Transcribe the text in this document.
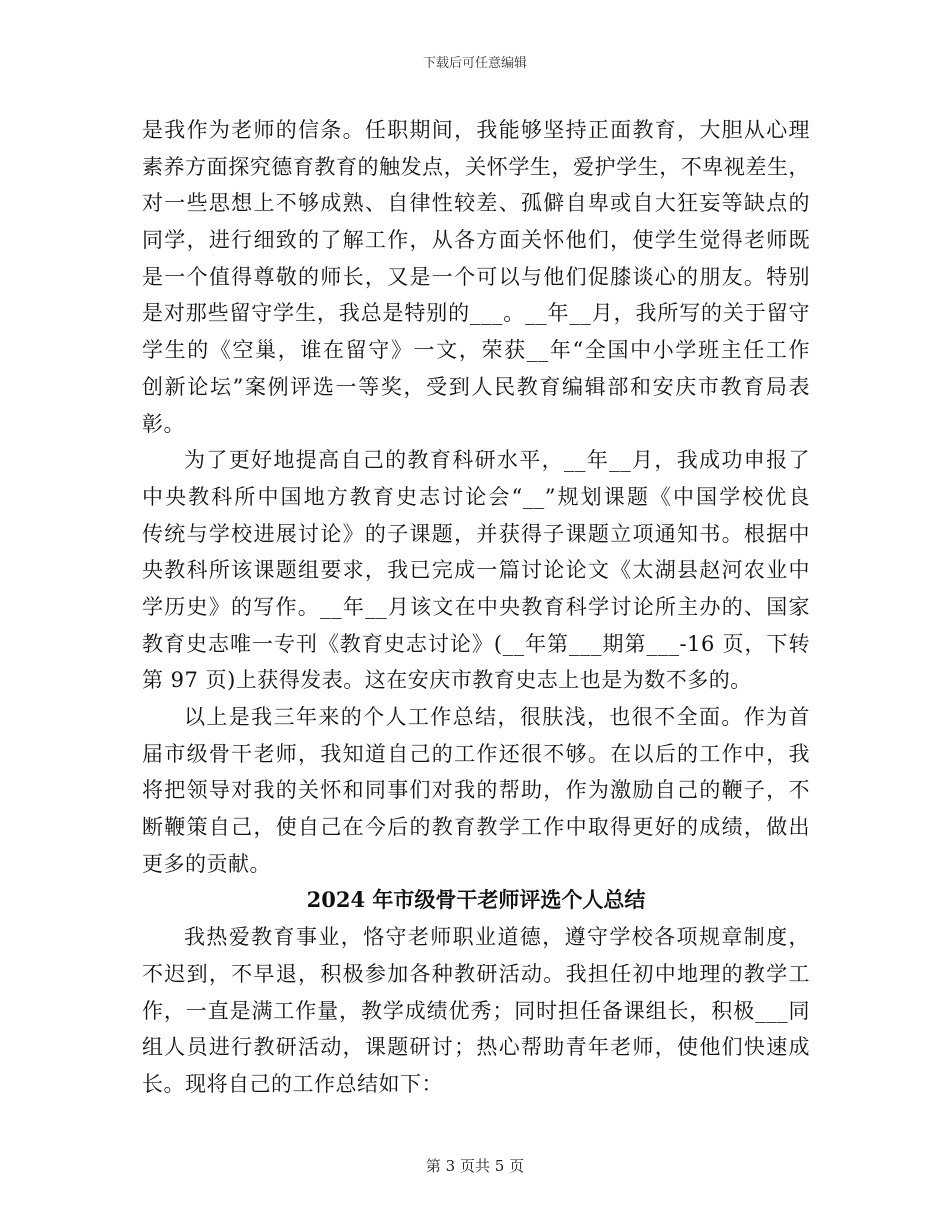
下载后可任意编辑
是我作为老师的信条。任职期间，我能够坚持正面教育，大胆从心理
素养方面探究德育教育的触发点，关怀学生，爱护学生，不卑视差生，
对一些思想上不够成熟、自律性较差、孤僻自卑或自大狂妄等缺点的
同学，进行细致的了解工作，从各方面关怀他们，使学生觉得老师既
是一个值得尊敬的师长，又是一个可以与他们促膝谈心的朋友。特别
是对那些留守学生，我总是特别的___。__年__月，我所写的关于留守
学生的《空巢，谁在留守》一文，荣获__年“全国中小学班主任工作
创新论坛”案例评选一等奖，受到人民教育编辑部和安庆市教育局表
彰。
为了更好地提高自己的教育科研水平，__年__月，我成功申报了
中央教科所中国地方教育史志讨论会“__”规划课题《中国学校优良
传统与学校进展讨论》的子课题，并获得子课题立项通知书。根据中
央教科所该课题组要求，我已完成一篇讨论论文《太湖县赵河农业中
学历史》的写作。__年__月该文在中央教育科学讨论所主办的、国家
教育史志唯一专刊《教育史志讨论》(__年第___期第___-16 页，下转
第 97 页)上获得发表。这在安庆市教育史志上也是为数不多的。
以上是我三年来的个人工作总结，很肤浅，也很不全面。作为首
届市级骨干老师，我知道自己的工作还很不够。在以后的工作中，我
将把领导对我的关怀和同事们对我的帮助，作为激励自己的鞭子，不
断鞭策自己，使自己在今后的教育教学工作中取得更好的成绩，做出
更多的贡献。
2024 年市级骨干老师评选个人总结
我热爱教育事业，恪守老师职业道德，遵守学校各项规章制度，
不迟到，不早退，积极参加各种教研活动。我担任初中地理的教学工
作，一直是满工作量，教学成绩优秀；同时担任备课组长，积极___同
组人员进行教研活动，课题研讨；热心帮助青年老师，使他们快速成
长。现将自己的工作总结如下：
第 3 页共 5 页
